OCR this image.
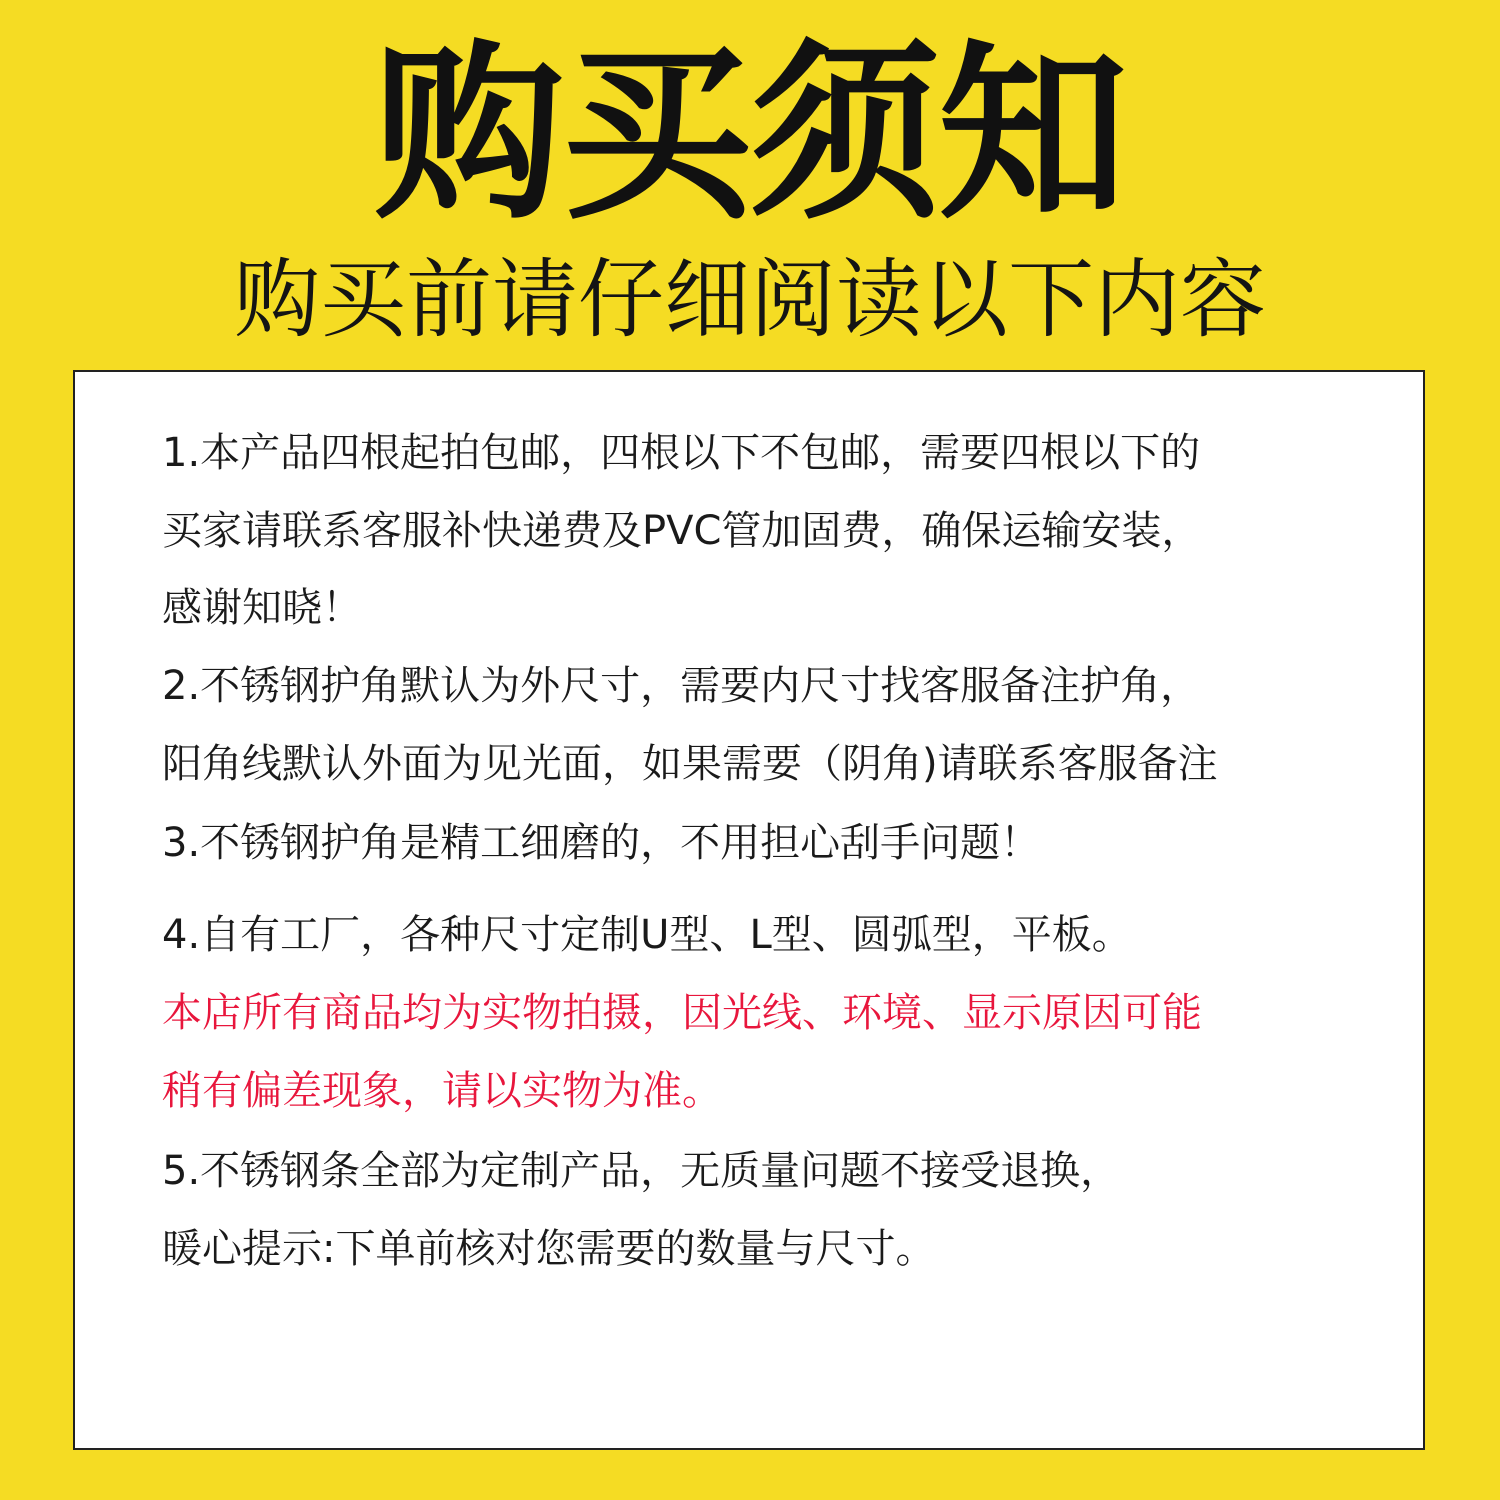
购买须知
购买前请仔细阅读以下内容
1.本产品四根起拍包邮，四根以下不包邮，需要四根以下的
买家请联系客服补快递费及PVC管加固费，确保运输安装，
感谢知晓！
2.不锈钢护角默认为外尺寸，需要内尺寸找客服备注护角，
阳角线默认外面为见光面，如果需要（阴角)请联系客服备注
3.不锈钢护角是精工细磨的，不用担心刮手问题！
4.自有工厂，各种尺寸定制U型、L型、圆弧型，平板。
本店所有商品均为实物拍摄，因光线、环境、显示原因可能
稍有偏差现象，请以实物为准。
5.不锈钢条全部为定制产品，无质量问题不接受退换，
暖心提示:下单前核对您需要的数量与尺寸。
